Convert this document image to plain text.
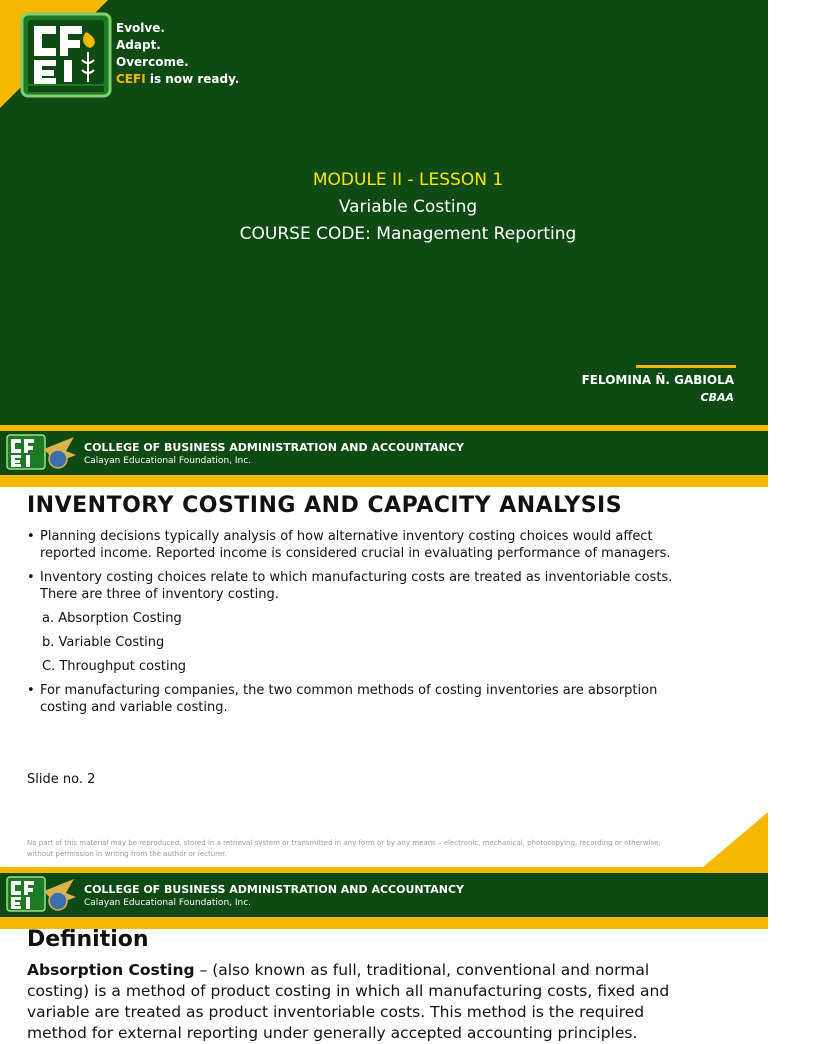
Evolve.
Adapt.
Overcome.
CEFI is now ready.
MODULE II - LESSON 1
Variable Costing
COURSE CODE: Management Reporting
FELOMINA Ñ. GABIOLA
CBAA
COLLEGE OF BUSINESS ADMINISTRATION AND ACCOUNTANCY
Calayan Educational Foundation, Inc.
INVENTORY COSTING AND CAPACITY ANALYSIS
• Planning decisions typically analysis of how alternative inventory costing choices would affect reported income. Reported income is considered crucial in evaluating performance of managers.
• Inventory costing choices relate to which manufacturing costs are treated as inventoriable costs. There are three of inventory costing.
a. Absorption Costing
b. Variable Costing
C. Throughput costing
• For manufacturing companies, the two common methods of costing inventories are absorption costing and variable costing.
Slide no. 2
No part of this material may be reproduced, stored in a retrieval system or transmitted in any form or by any means – electronic, mechanical, photocopying, recording or otherwise, without permission in writing from the author or lecturer.
COLLEGE OF BUSINESS ADMINISTRATION AND ACCOUNTANCY
Calayan Educational Foundation, Inc.
Definition
Absorption Costing – (also known as full, traditional, conventional and normal costing) is a method of product costing in which all manufacturing costs, fixed and variable are treated as product inventoriable costs. This method is the required method for external reporting under generally accepted accounting principles.
